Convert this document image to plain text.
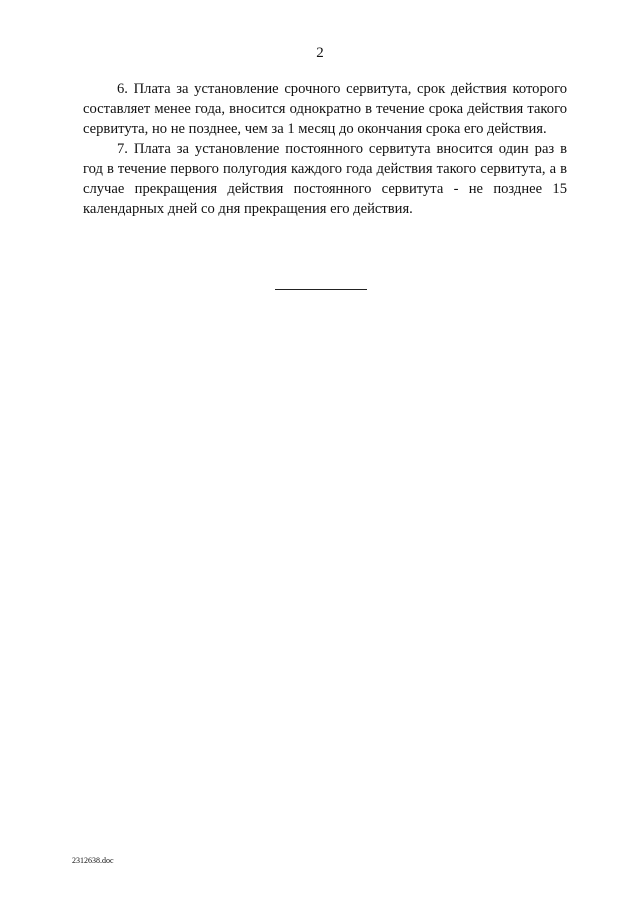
2

6. Плата за установление срочного сервитута, срок действия которого составляет менее года, вносится однократно в течение срока действия такого сервитута, но не позднее, чем за 1 месяц до окончания срока его действия.

7. Плата за установление постоянного сервитута вносится один раз в год в течение первого полугодия каждого года действия такого сервитута, а в случае прекращения действия постоянного сервитута - не позднее 15 календарных дней со дня прекращения его действия.

2312638.doc
